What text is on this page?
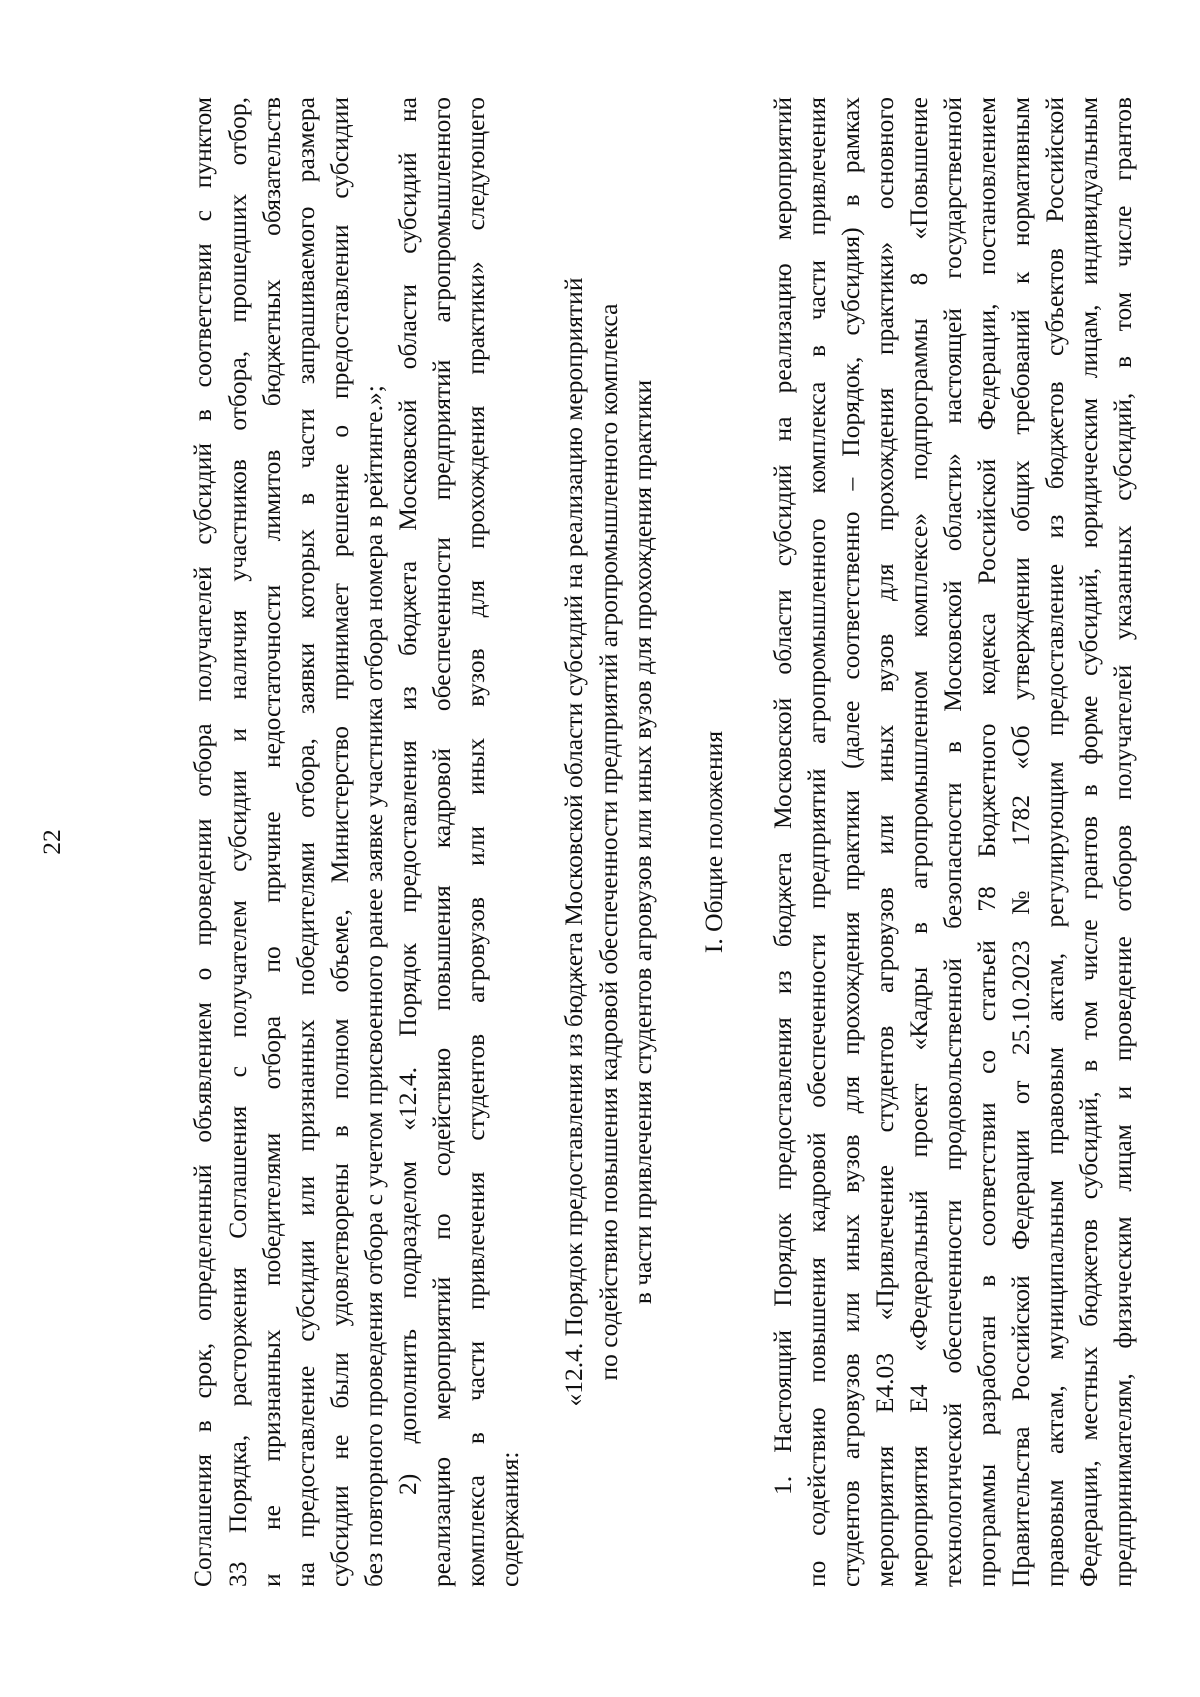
22	Соглашения в срок, определенный объявлением о проведении отбора получателей субсидий в соответствии с пунктом 33 Порядка, расторжения Соглашения с получателем субсидии и наличия участников отбора, прошедших отбор, и не признанных победителями отбора по причине недостаточности лимитов бюджетных обязательств на предоставление субсидии или признанных победителями отбора, заявки которых в части запрашиваемого размера субсидии не были удовлетворены в полном объеме, Министерство принимает решение о предоставлении субсидии без повторного проведения отбора с учетом присвоенного ранее заявке участника отбора номера в рейтинге.»; 2) дополнить подразделом «12.4. Порядок предоставления из бюджета Московской области субсидий на реализацию мероприятий по содействию повышения кадровой обеспеченности предприятий агропромышленного комплекса в части привлечения студентов агровузов или иных вузов для прохождения практики» следующего содержания:
«12.4. Порядок предоставления из бюджета Московской области субсидий на реализацию мероприятий по содействию повышения кадровой обеспеченности предприятий агропромышленного комплекса в части привлечения студентов агровузов или иных вузов для прохождения практики I. Общие положения 1. Настоящий Порядок предоставления из бюджета Московской области субсидий на реализацию мероприятий по содействию повышения кадровой обеспеченности предприятий агропромышленного комплекса в части привлечения студентов агровузов или иных вузов для прохождения практики (далее соответственно – Порядок, субсидия) в рамках мероприятия Е4.03 «Привлечение студентов агровузов или иных вузов для прохождения практики» основного мероприятия Е4 «Федеральный проект «Кадры в агропромышленном комплексе» подпрограммы 8 «Повышение технологической обеспеченности продовольственной безопасности в Московской области» настоящей государственной программы разработан в соответствии со статьей 78 Бюджетного кодекса Российской Федерации, постановлением Правительства Российской Федерации от 25.10.2023 № 1782 «Об утверждении общих требований к нормативным правовым актам, муниципальным правовым актам, регулирующим предоставление из бюджетов субъектов Российской Федерации, местных бюджетов субсидий, в том числе грантов в форме субсидий, юридическим лицам, индивидуальным предпринимателям, физическим лицам и проведение отборов получателей указанных субсидий, в том числе грантов
